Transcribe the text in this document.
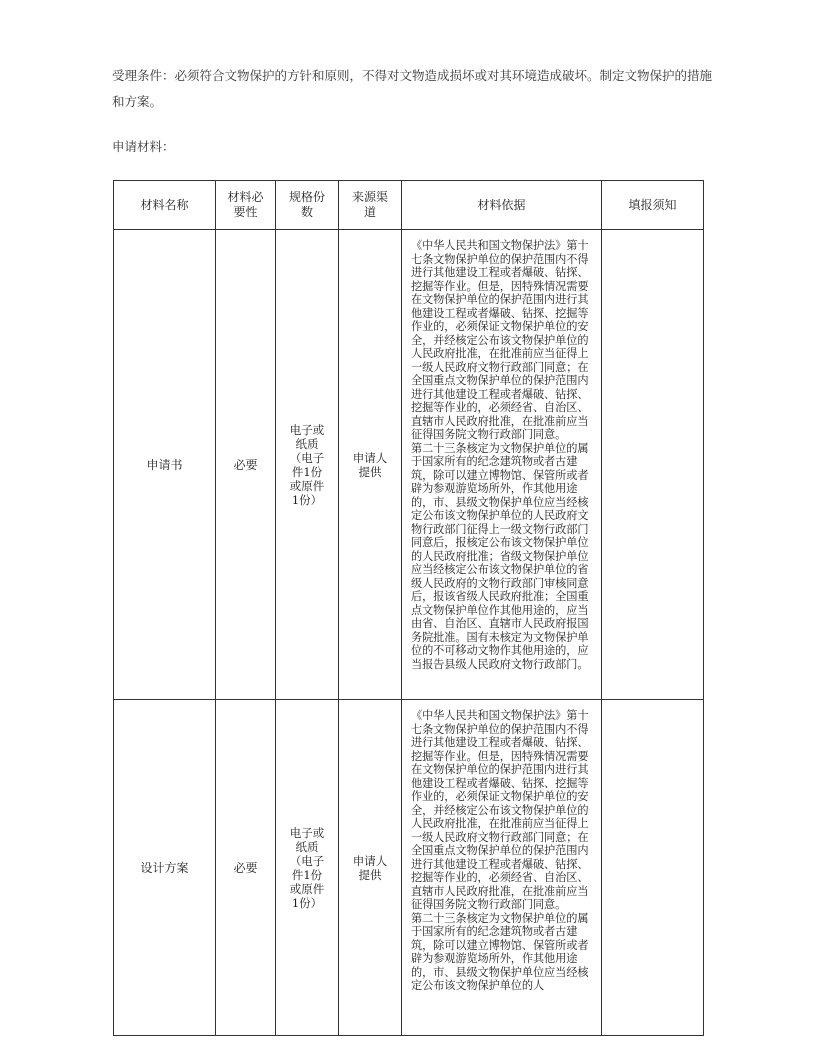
受理条件：必须符合文物保护的方针和原则，不得对文物造成损坏或对其环境造成破坏。制定文物保护的措施和方案。
申请材料：
材料名称	材料必要性	规格份数	来源渠道	材料依据	填报须知
申请书	必要	电子或纸质（电子件1份或原件1份）	申请人提供	《中华人民共和国文物保护法》第十七条文物保护单位的保护范围内不得进行其他建设工程或者爆破、钻探、挖掘等作业。但是，因特殊情况需要在文物保护单位的保护范围内进行其他建设工程或者爆破、钻探、挖掘等作业的，必须保证文物保护单位的安全，并经核定公布该文物保护单位的人民政府批准，在批准前应当征得上一级人民政府文物行政部门同意；在全国重点文物保护单位的保护范围内进行其他建设工程或者爆破、钻探、挖掘等作业的，必须经省、自治区、直辖市人民政府批准，在批准前应当征得国务院文物行政部门同意。

第二十三条核定为文物保护单位的属于国家所有的纪念建筑物或者古建筑，除可以建立博物馆、保管所或者辟为参观游览场所外，作其他用途的，市、县级文物保护单位应当经核定公布该文物保护单位的人民政府文物行政部门征得上一级文物行政部门同意后，报核定公布该文物保护单位的人民政府批准；省级文物保护单位应当经核定公布该文物保护单位的省级人民政府的文物行政部门审核同意后，报该省级人民政府批准；全国重点文物保护单位作其他用途的，应当由省、自治区、直辖市人民政府报国务院批准。国有未核定为文物保护单位的不可移动文物作其他用途的，应当报告县级人民政府文物行政部门。	

设计方案	必要	电子或纸质（电子件1份或原件1份）	申请人提供	《中华人民共和国文物保护法》第十七条文物保护单位的保护范围内不得进行其他建设工程或者爆破、钻探、挖掘等作业。但是，因特殊情况需要在文物保护单位的保护范围内进行其他建设工程或者爆破、钻探、挖掘等作业的，必须保证文物保护单位的安全，并经核定公布该文物保护单位的人民政府批准，在批准前应当征得上一级人民政府文物行政部门同意；在全国重点文物保护单位的保护范围内进行其他建设工程或者爆破、钻探、挖掘等作业的，必须经省、自治区、直辖市人民政府批准，在批准前应当征得国务院文物行政部门同意。

第二十三条核定为文物保护单位的属于国家所有的纪念建筑物或者古建筑，除可以建立博物馆、保管所或者辟为参观游览场所外，作其他用途的，市、县级文物保护单位应当经核定公布该文物保护单位的人	
